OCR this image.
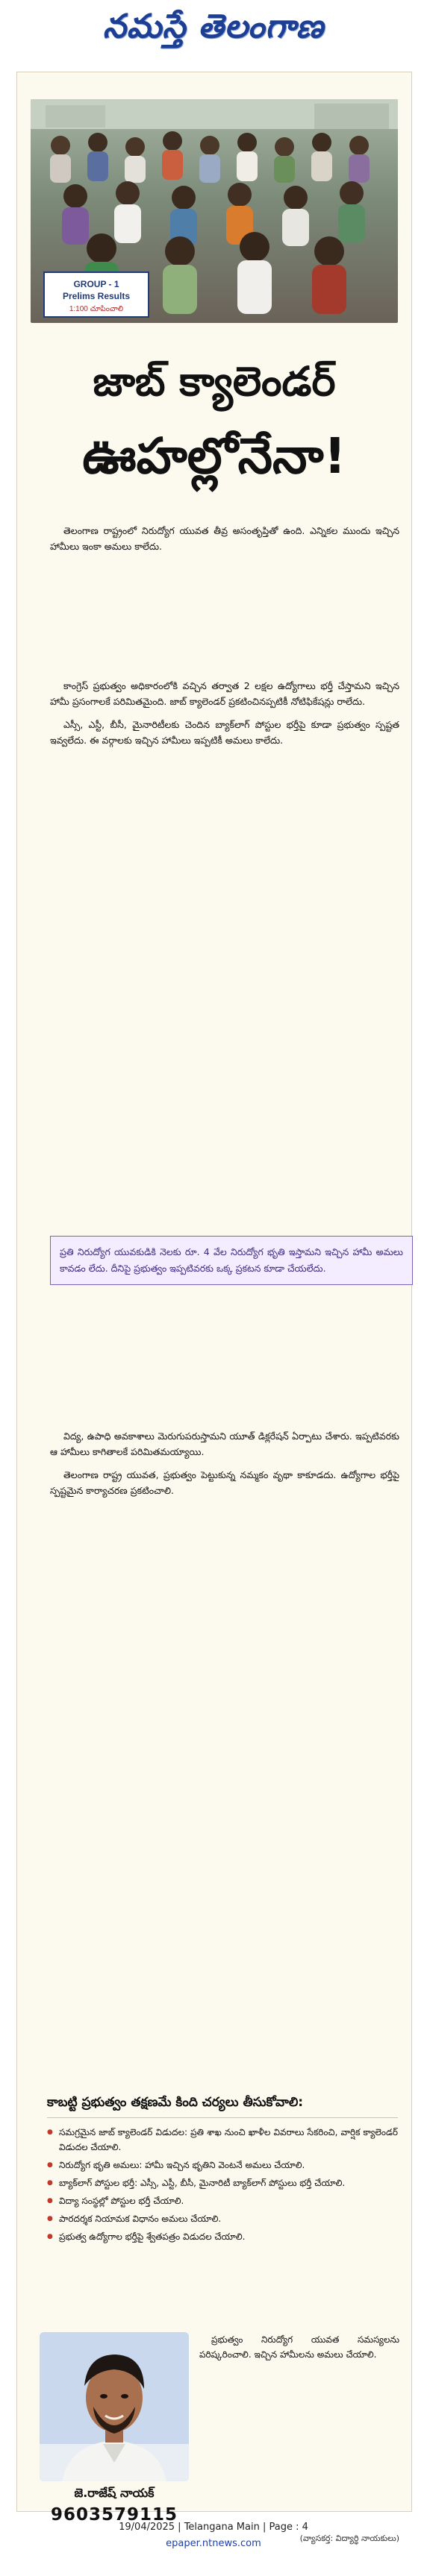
నమస్తే తెలంగాణ
GROUP - 1
Prelims Results
1:100 చూపించాలి
జాబ్ క్యాలెండర్
ఊహల్లోనేనా!

తెలంగాణ రాష్ట్రంలో నిరుద్యోగ యువత తీవ్ర అసంతృప్తితో ఉంది. ఎన్నికల ముందు ఇచ్చిన హామీలు ఇంకా అమలు కాలేదు.

కాంగ్రెస్ ప్రభుత్వం అధికారంలోకి వచ్చిన తర్వాత 2 లక్షల ఉద్యోగాలు భర్తీ చేస్తామని ఇచ్చిన హామీ ప్రసంగాలకే పరిమితమైంది. జాబ్ క్యాలెండర్ ప్రకటించినప్పటికీ నోటిఫికేషన్లు రాలేదు.

ఎస్సీ, ఎస్టీ, బీసీ, మైనారిటీలకు చెందిన బ్యాక్‌లాగ్ పోస్టుల భర్తీపై కూడా ప్రభుత్వం స్పష్టత ఇవ్వలేదు. ఈ వర్గాలకు ఇచ్చిన హామీలు ఇప్పటికీ అమలు కాలేదు.

ప్రతి నిరుద్యోగ యువకుడికి నెలకు రూ. 4 వేల నిరుద్యోగ భృతి ఇస్తామని ఇచ్చిన హామీ అమలు కావడం లేదు. దీనిపై ప్రభుత్వం ఇప్పటివరకు ఒక్క ప్రకటన కూడా చేయలేదు.

విద్య, ఉపాధి అవకాశాలు మెరుగుపరుస్తామని యూత్ డిక్లరేషన్ ఏర్పాటు చేశారు. ఇప్పటివరకు ఆ హామీలు కాగితాలకే పరిమితమయ్యాయి.

తెలంగాణ రాష్ట్ర యువత, ప్రభుత్వం పెట్టుకున్న నమ్మకం వృథా కాకూడదు. ఉద్యోగాల భర్తీపై స్పష్టమైన కార్యాచరణ ప్రకటించాలి.

కాబట్టి ప్రభుత్వం తక్షణమే కింది చర్యలు తీసుకోవాలి:
● సమగ్రమైన జాబ్ క్యాలెండర్ విడుదల: ప్రతి శాఖ నుంచి ఖాళీల వివరాలు సేకరించి, వార్షిక క్యాలెండర్ విడుదల చేయాలి.
● నిరుద్యోగ భృతి అమలు: హామీ ఇచ్చిన భృతిని వెంటనే అమలు చేయాలి.
● బ్యాక్‌లాగ్ పోస్టుల భర్తీ: ఎస్సీ, ఎస్టీ, బీసీ, మైనారిటీ బ్యాక్‌లాగ్ పోస్టులు భర్తీ చేయాలి.
● విద్యా సంస్థల్లో పోస్టుల భర్తీ చేయాలి.
● పారదర్శక నియామక విధానం అమలు చేయాలి.
● ప్రభుత్వ ఉద్యోగాల భర్తీపై శ్వేతపత్రం విడుదల చేయాలి.
జె.రాజేష్ నాయక్
9603579115

ప్రభుత్వం నిరుద్యోగ యువత సమస్యలను పరిష్కరించాలి. ఇచ్చిన హామీలను అమలు చేయాలి.

(వ్యాసకర్త: విద్యార్థి నాయకులు)
19/04/2025 | Telangana Main | Page : 4
epaper.ntnews.com
